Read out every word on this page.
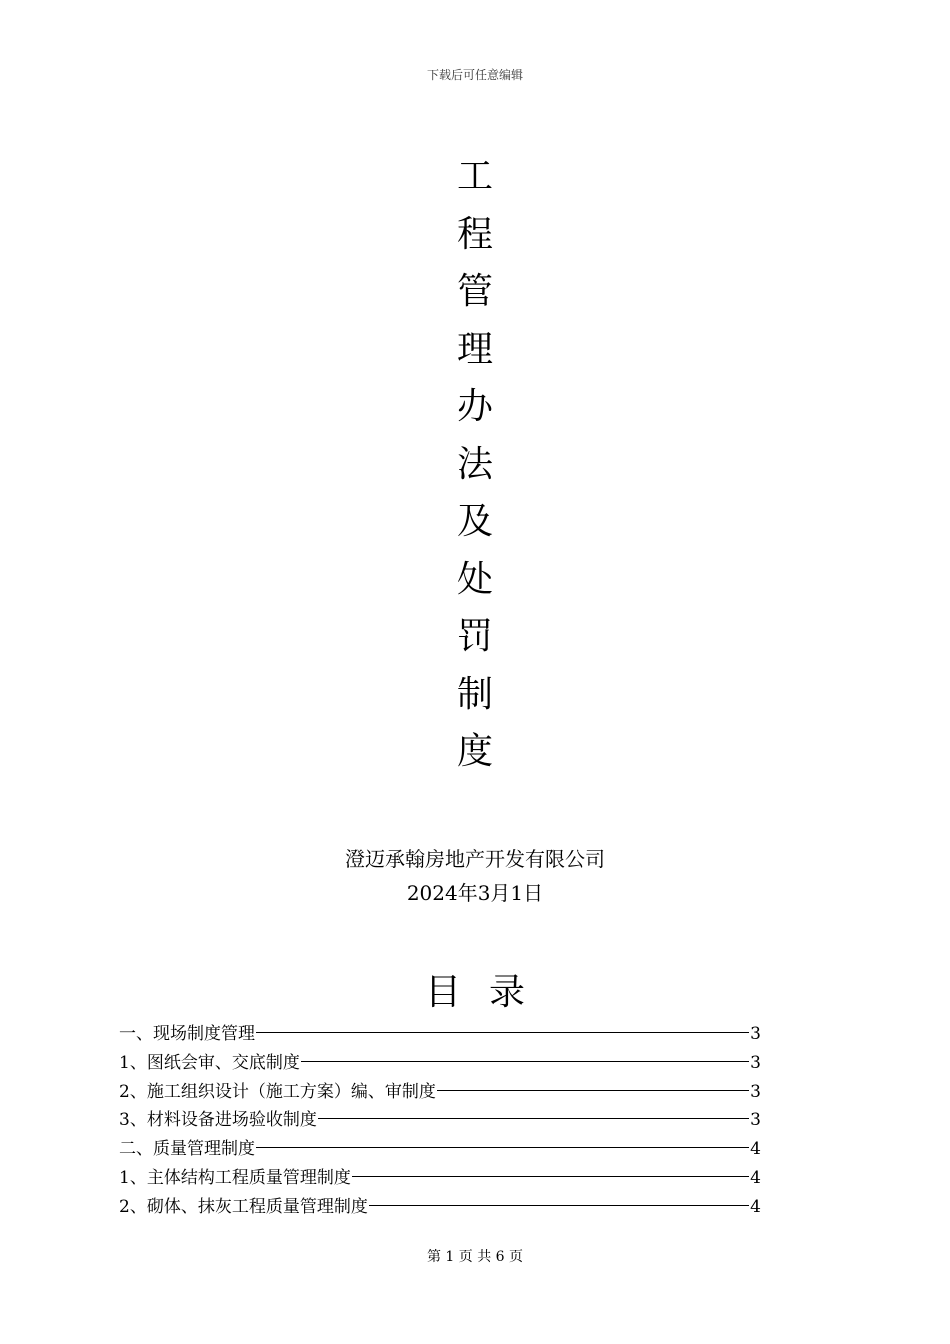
下载后可任意编辑
工
程
管
理
办
法
及
处
罚
制
度
澄迈承翰房地产开发有限公司
2024年3月1日
目录
一、现场制度管理	3
1、图纸会审、交底制度	3
2、施工组织设计（施工方案）编、审制度	3
3、材料设备进场验收制度	3
二、质量管理制度	4
1、主体结构工程质量管理制度	4
2、砌体、抹灰工程质量管理制度	4
第 1 页 共 6 页
